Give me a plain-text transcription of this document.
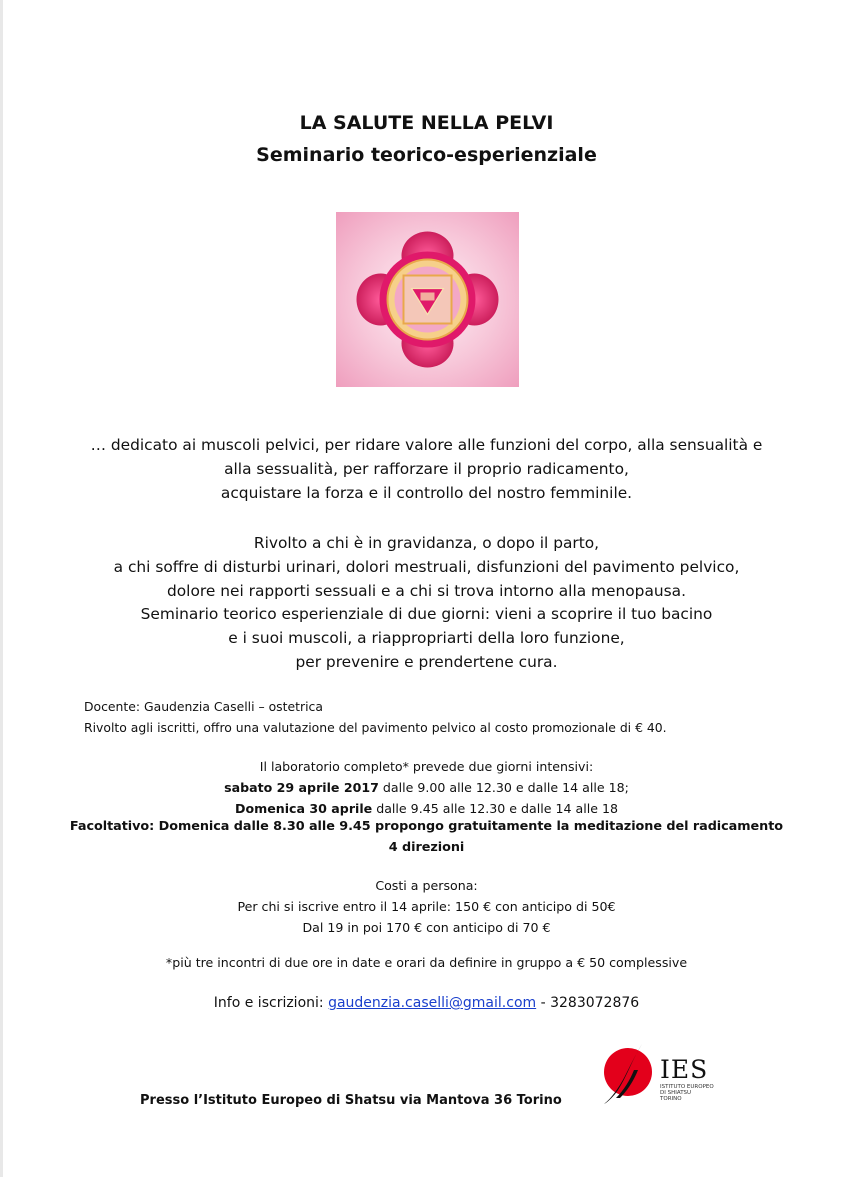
LA SALUTE NELLA PELVI
Seminario teorico-esperienziale
… dedicato ai muscoli pelvici, per ridare valore alle funzioni del corpo, alla sensualità e
alla sessualità, per rafforzare il proprio radicamento,
acquistare la forza e il controllo del nostro femminile.
Rivolto a chi è in gravidanza, o dopo il parto,
a chi soffre di disturbi urinari, dolori mestruali, disfunzioni del pavimento pelvico,
dolore nei rapporti sessuali e a chi si trova intorno alla menopausa.
Seminario teorico esperienziale di due giorni: vieni a scoprire il tuo bacino
e i suoi muscoli, a riappropriarti della loro funzione,
per prevenire e prendertene cura.
Docente: Gaudenzia Caselli – ostetrica
Rivolto agli iscritti, offro una valutazione del pavimento pelvico al costo promozionale di € 40.
Il laboratorio completo* prevede due giorni intensivi:
sabato 29 aprile 2017 dalle 9.00 alle 12.30 e dalle 14 alle 18;
Domenica 30 aprile dalle 9.45 alle 12.30 e dalle 14 alle 18
Facoltativo: Domenica dalle 8.30 alle 9.45 propongo gratuitamente la meditazione del radicamento
4 direzioni
Costi a persona:
Per chi si iscrive entro il 14 aprile: 150 € con anticipo di 50€
Dal 19 in poi 170 € con anticipo di 70 €
*più tre incontri di due ore in date e orari da definire in gruppo a € 50 complessive
Info e iscrizioni: gaudenzia.caselli@gmail.com - 3283072876
Presso l’Istituto Europeo di Shatsu via Mantova 36 Torino
IES
ISTITUTO EUROPEO
DI SHIATSU
TORINO
